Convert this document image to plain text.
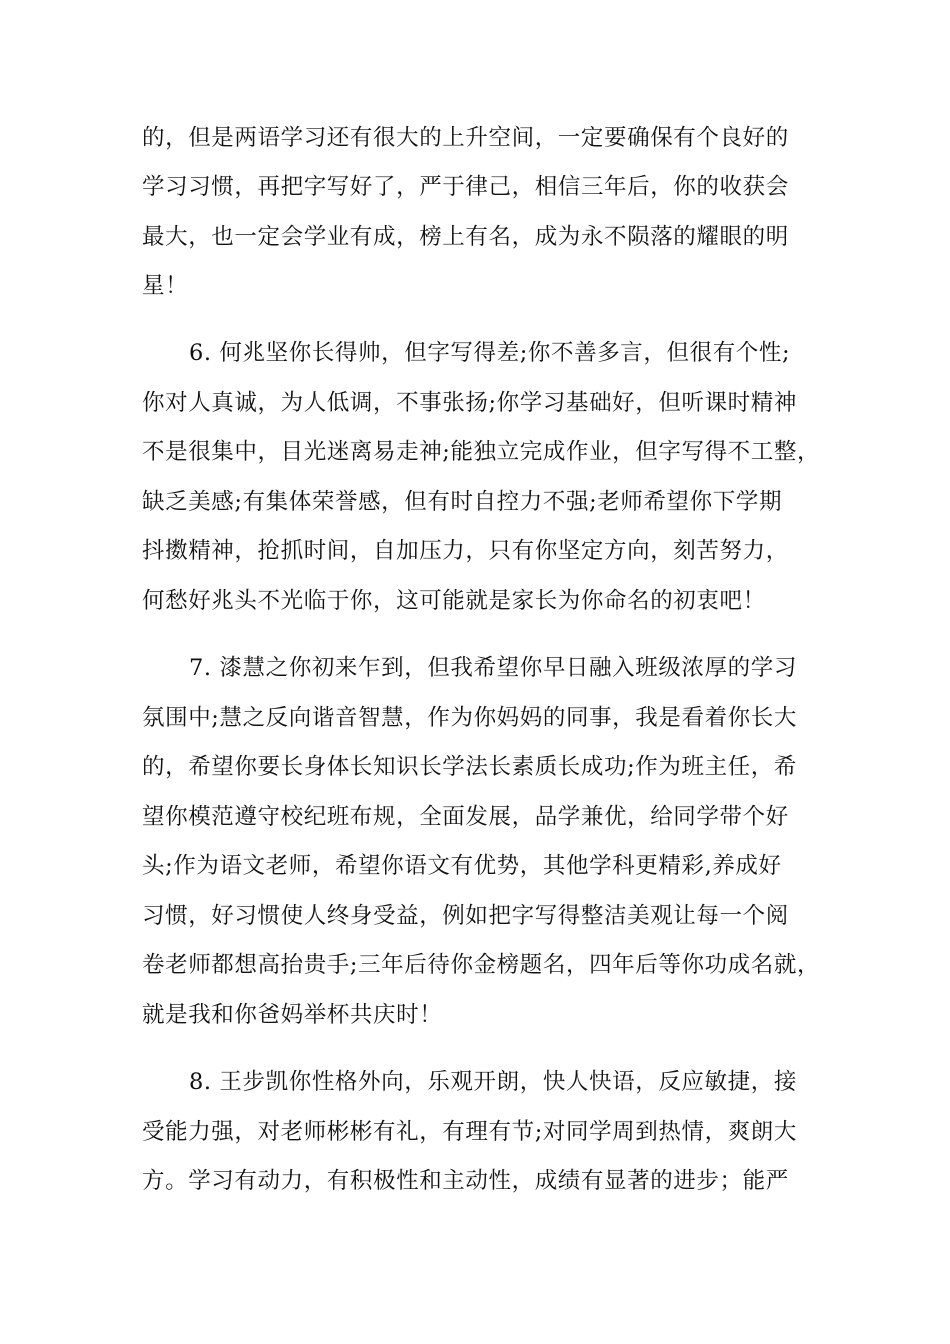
的，但是两语学习还有很大的上升空间，一定要确保有个良好的
学习习惯，再把字写好了，严于律己，相信三年后，你的收获会
最大，也一定会学业有成，榜上有名，成为永不陨落的耀眼的明
星！
6. 何兆坚你长得帅，但字写得差;你不善多言，但很有个性;
你对人真诚，为人低调，不事张扬;你学习基础好，但听课时精神
不是很集中，目光迷离易走神;能独立完成作业，但字写得不工整，
缺乏美感;有集体荣誉感，但有时自控力不强;老师希望你下学期
抖擞精神，抢抓时间，自加压力，只有你坚定方向，刻苦努力，
何愁好兆头不光临于你，这可能就是家长为你命名的初衷吧！
7. 漆慧之你初来乍到，但我希望你早日融入班级浓厚的学习
氛围中;慧之反向谐音智慧，作为你妈妈的同事，我是看着你长大
的，希望你要长身体长知识长学法长素质长成功;作为班主任，希
望你模范遵守校纪班布规，全面发展，品学兼优，给同学带个好
头;作为语文老师，希望你语文有优势，其他学科更精彩,养成好
习惯，好习惯使人终身受益，例如把字写得整洁美观让每一个阅
卷老师都想高抬贵手;三年后待你金榜题名，四年后等你功成名就，
就是我和你爸妈举杯共庆时！
8. 王步凯你性格外向，乐观开朗，快人快语，反应敏捷，接
受能力强，对老师彬彬有礼，有理有节;对同学周到热情，爽朗大
方。学习有动力，有积极性和主动性，成绩有显著的进步；能严
